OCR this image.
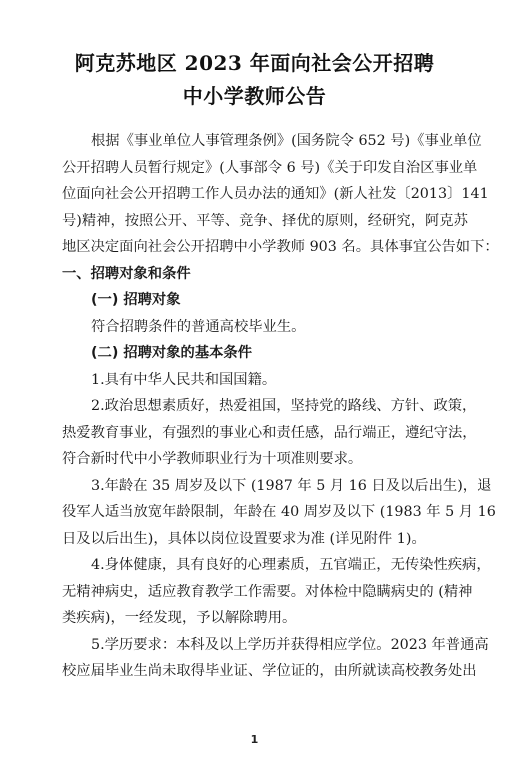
阿克苏地区 2023 年面向社会公开招聘
中小学教师公告
根据《事业单位人事管理条例》(国务院令 652 号)《事业单位
公开招聘人员暂行规定》(人事部令 6 号)《关于印发自治区事业单
位面向社会公开招聘工作人员办法的通知》(新人社发〔2013〕141
号)精神，按照公开、平等、竞争、择优的原则，经研究，阿克苏
地区决定面向社会公开招聘中小学教师 903 名。具体事宜公告如下：
一、招聘对象和条件
(一) 招聘对象
符合招聘条件的普通高校毕业生。
(二) 招聘对象的基本条件
1.具有中华人民共和国国籍。
2.政治思想素质好，热爱祖国，坚持党的路线、方针、政策，
热爱教育事业，有强烈的事业心和责任感，品行端正，遵纪守法，
符合新时代中小学教师职业行为十项准则要求。
3.年龄在 35 周岁及以下 (1987 年 5 月 16 日及以后出生)，退
役军人适当放宽年龄限制，年龄在 40 周岁及以下 (1983 年 5 月 16
日及以后出生)，具体以岗位设置要求为准 (详见附件 1)。
4.身体健康，具有良好的心理素质，五官端正，无传染性疾病，
无精神病史，适应教育教学工作需要。对体检中隐瞒病史的 (精神
类疾病)，一经发现，予以解除聘用。
5.学历要求：本科及以上学历并获得相应学位。2023 年普通高
校应届毕业生尚未取得毕业证、学位证的，由所就读高校教务处出
1
